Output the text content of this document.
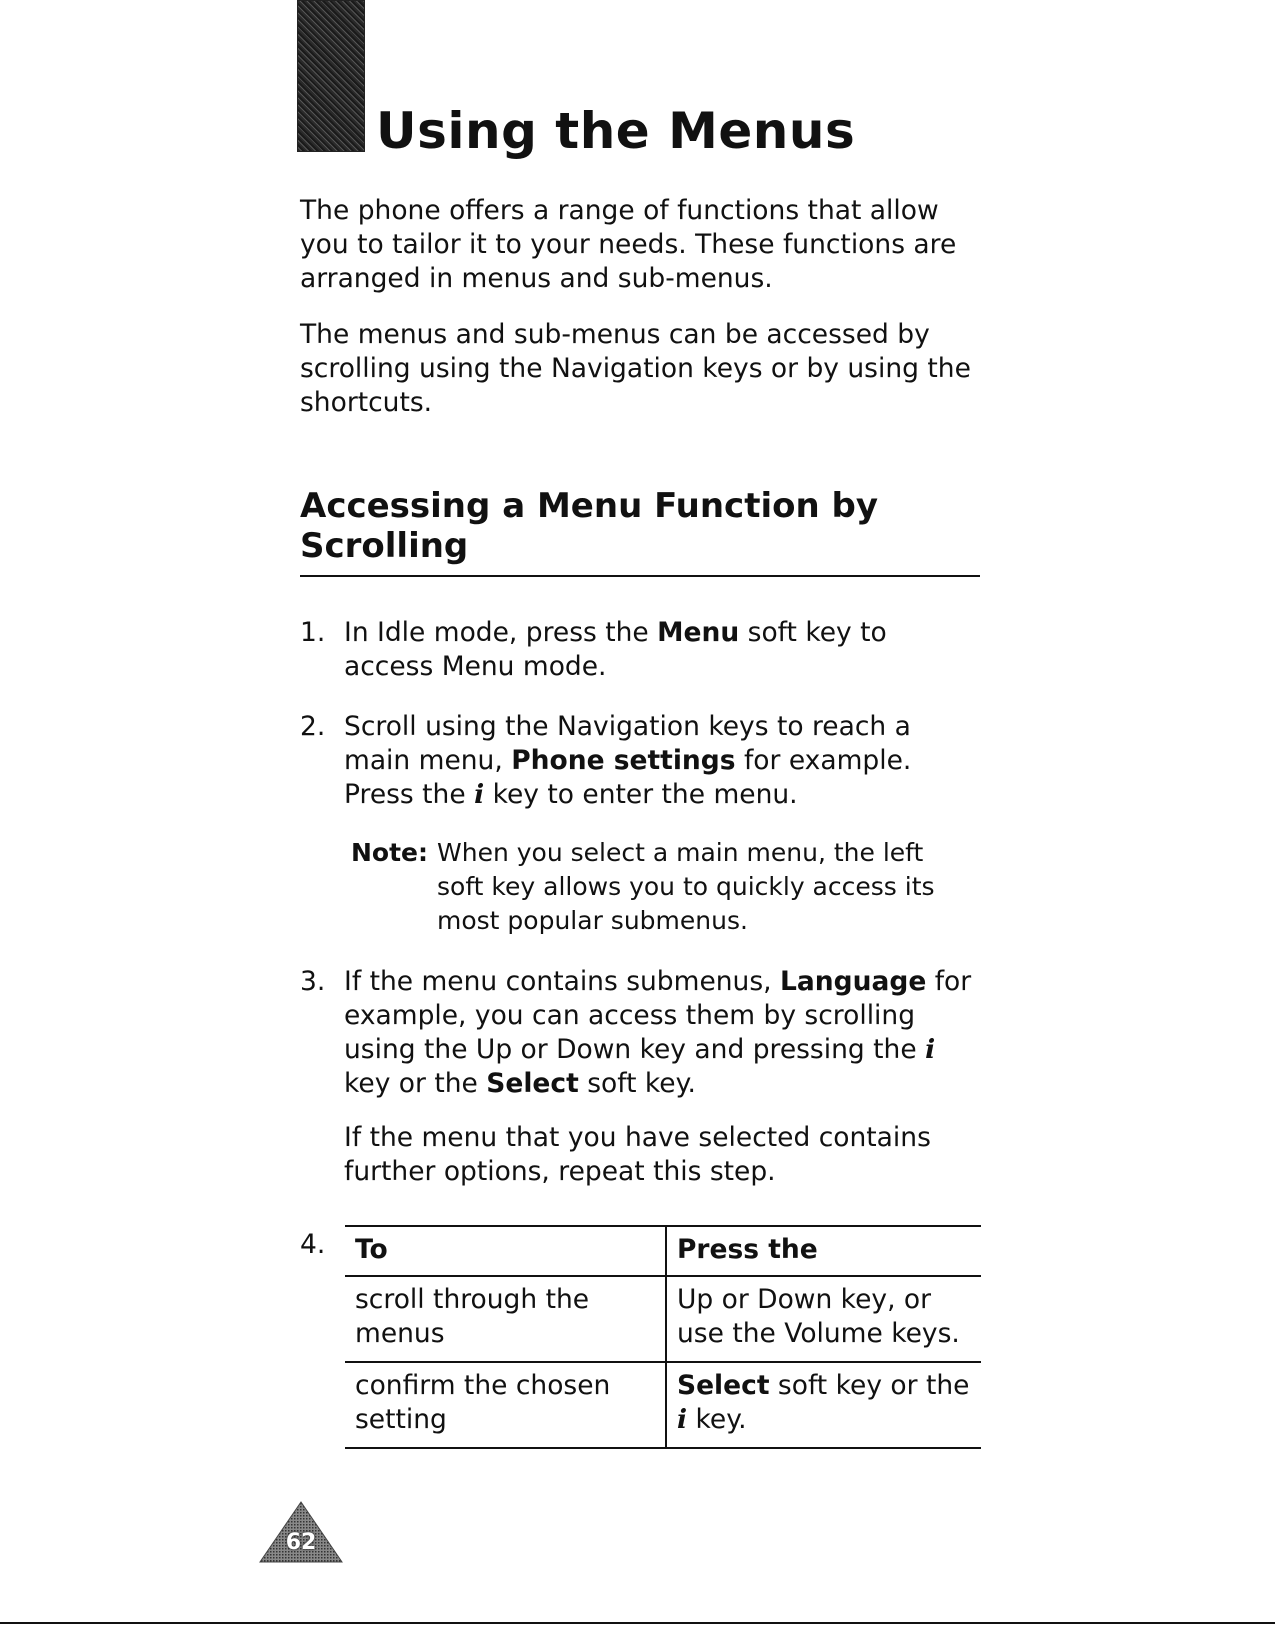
Using the Menus

The phone offers a range of functions that allow you to tailor it to your needs. These functions are arranged in menus and sub-menus.

The menus and sub-menus can be accessed by scrolling using the Navigation keys or by using the shortcuts.

Accessing a Menu Function by Scrolling
1. In Idle mode, press the Menu soft key to access Menu mode.

2. Scroll using the Navigation keys to reach a main menu, Phone settings for example. Press the i key to enter the menu.

Note: When you select a main menu, the left soft key allows you to quickly access its most popular submenus.

3. If the menu contains submenus, Language for example, you can access them by scrolling using the Up or Down key and pressing the i key or the Select soft key.

If the menu that you have selected contains further options, repeat this step.

4. To	Press the
scroll through the menus	Up or Down key, or use the Volume keys.
confirm the chosen setting	Select soft key or the i key.
62
